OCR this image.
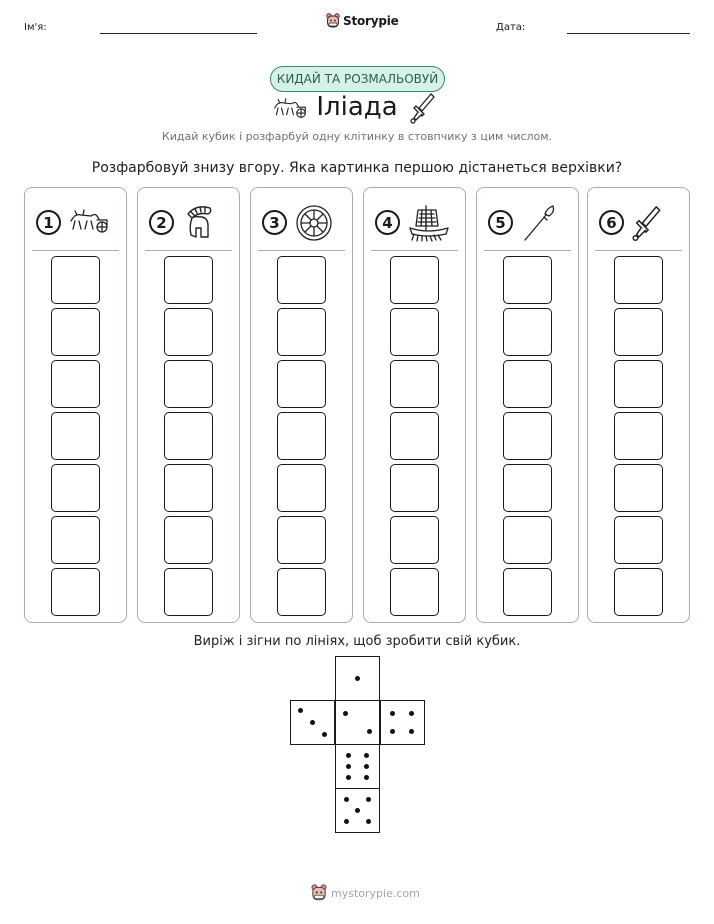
Ім'я:	Storypie	Дата:
КИДАЙ ТА РОЗМАЛЬОВУЙ
Іліада
Кидай кубик і розфарбуй одну клітинку в стовпчику з цим числом.
Розфарбовуй знизу вгору. Яка картинка першою дістанеться верхівки?
1	2	3	4	5	6
Виріж і зігни по лініях, щоб зробити свій кубик.
mystorypie.com
